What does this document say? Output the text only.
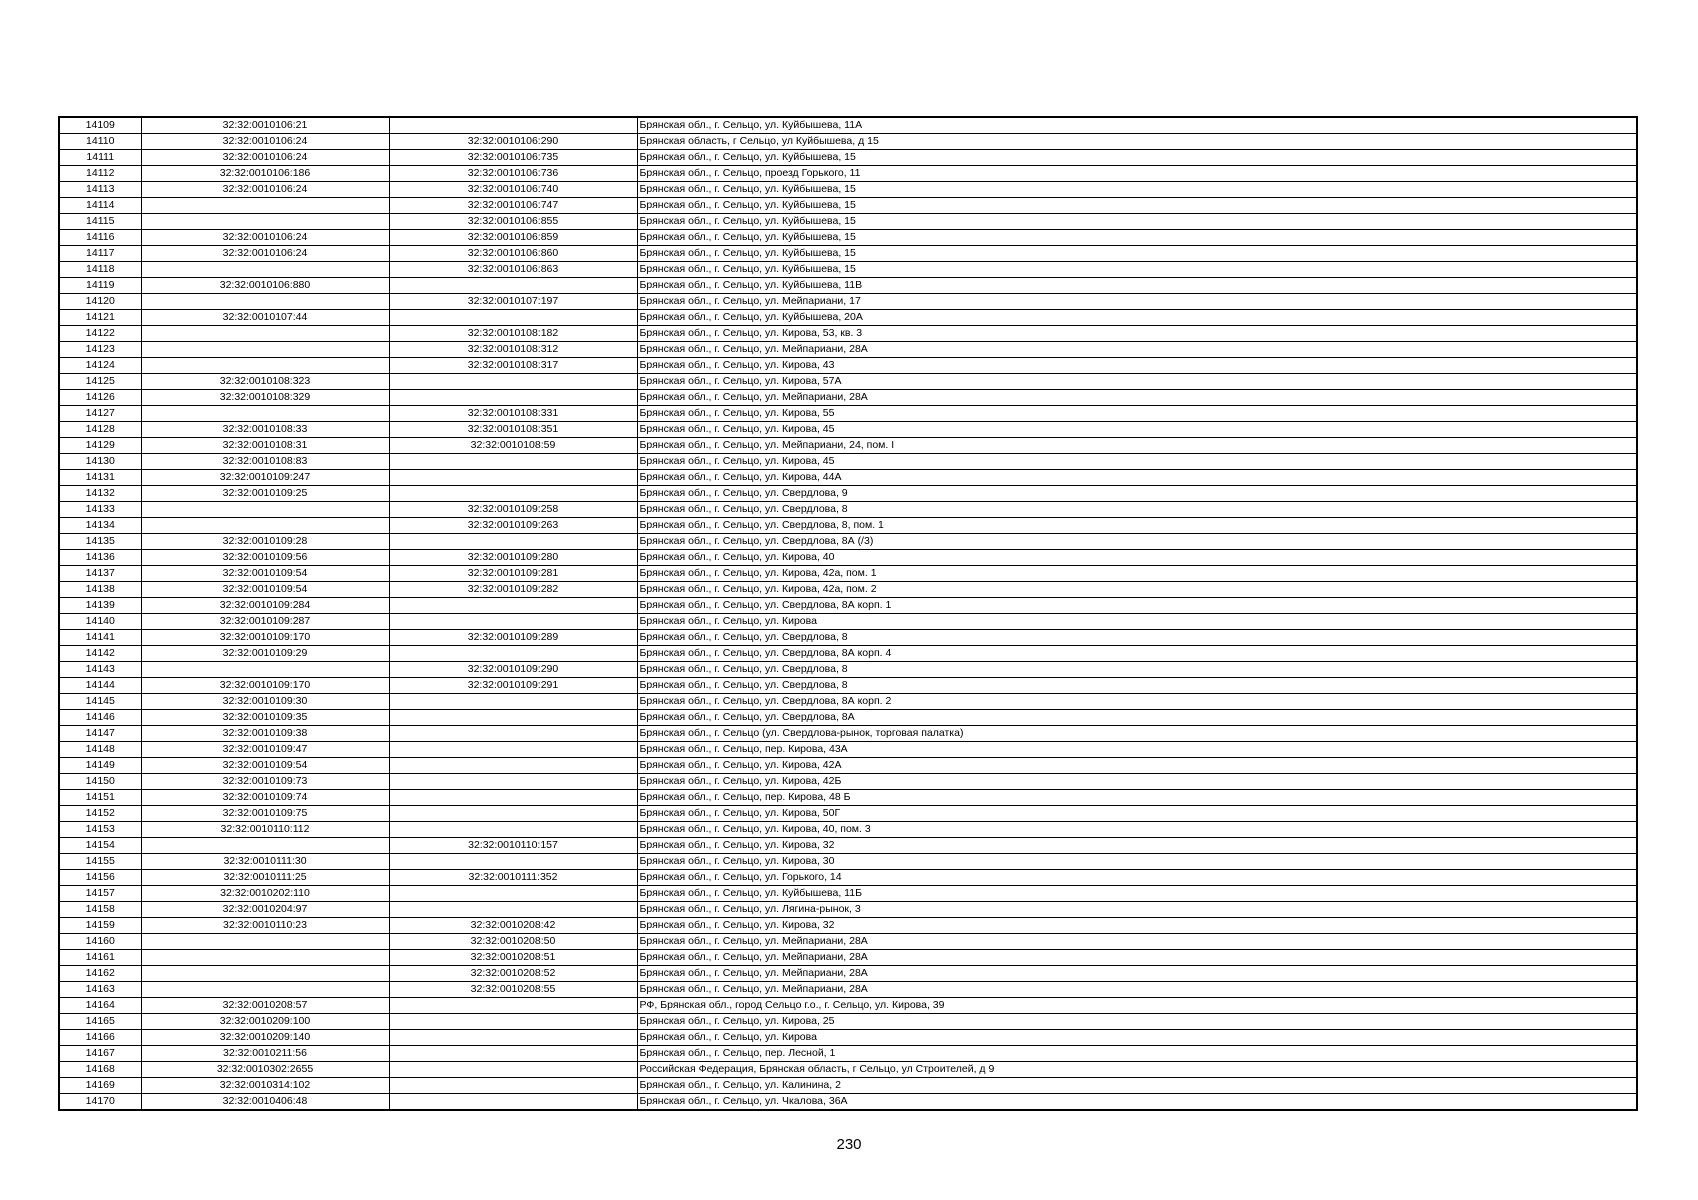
14109	32:32:0010106:21		Брянская обл., г. Сельцо, ул. Куйбышева, 11А
14110	32:32:0010106:24	32:32:0010106:290	Брянская область, г Сельцо, ул Куйбышева, д 15
14111	32:32:0010106:24	32:32:0010106:735	Брянская обл., г. Сельцо, ул. Куйбышева, 15
14112	32:32:0010106:186	32:32:0010106:736	Брянская обл., г. Сельцо, проезд Горького, 11
14113	32:32:0010106:24	32:32:0010106:740	Брянская обл., г. Сельцо, ул. Куйбышева, 15
14114		32:32:0010106:747	Брянская обл., г. Сельцо, ул. Куйбышева, 15
14115		32:32:0010106:855	Брянская обл., г. Сельцо, ул. Куйбышева, 15
14116	32:32:0010106:24	32:32:0010106:859	Брянская обл., г. Сельцо, ул. Куйбышева, 15
14117	32:32:0010106:24	32:32:0010106:860	Брянская обл., г. Сельцо, ул. Куйбышева, 15
14118		32:32:0010106:863	Брянская обл., г. Сельцо, ул. Куйбышева, 15
14119	32:32:0010106:880		Брянская обл., г. Сельцо, ул. Куйбышева, 11В
14120		32:32:0010107:197	Брянская обл., г. Сельцо, ул. Мейпариани, 17
14121	32:32:0010107:44		Брянская обл., г. Сельцо, ул. Куйбышева, 20А
14122		32:32:0010108:182	Брянская обл., г. Сельцо, ул. Кирова, 53, кв. 3
14123		32:32:0010108:312	Брянская обл., г. Сельцо, ул. Мейпариани, 28А
14124		32:32:0010108:317	Брянская обл., г. Сельцо, ул. Кирова, 43
14125	32:32:0010108:323		Брянская обл., г. Сельцо, ул. Кирова, 57А
14126	32:32:0010108:329		Брянская обл., г. Сельцо, ул. Мейпариани, 28А
14127		32:32:0010108:331	Брянская обл., г. Сельцо, ул. Кирова, 55
14128	32:32:0010108:33	32:32:0010108:351	Брянская обл., г. Сельцо, ул. Кирова, 45
14129	32:32:0010108:31	32:32:0010108:59	Брянская обл., г. Сельцо, ул. Мейпариани, 24, пом. I
14130	32:32:0010108:83		Брянская обл., г. Сельцо, ул. Кирова, 45
14131	32:32:0010109:247		Брянская обл., г. Сельцо, ул. Кирова, 44А
14132	32:32:0010109:25		Брянская обл., г. Сельцо, ул. Свердлова, 9
14133		32:32:0010109:258	Брянская обл., г. Сельцо, ул. Свердлова, 8
14134		32:32:0010109:263	Брянская обл., г. Сельцо, ул. Свердлова, 8, пом. 1
14135	32:32:0010109:28		Брянская обл., г. Сельцо, ул. Свердлова, 8А (/3)
14136	32:32:0010109:56	32:32:0010109:280	Брянская обл., г. Сельцо, ул. Кирова, 40
14137	32:32:0010109:54	32:32:0010109:281	Брянская обл., г. Сельцо, ул. Кирова, 42а, пом. 1
14138	32:32:0010109:54	32:32:0010109:282	Брянская обл., г. Сельцо, ул. Кирова, 42а, пом. 2
14139	32:32:0010109:284		Брянская обл., г. Сельцо, ул. Свердлова, 8А корп. 1
14140	32:32:0010109:287		Брянская обл., г. Сельцо, ул. Кирова
14141	32:32:0010109:170	32:32:0010109:289	Брянская обл., г. Сельцо, ул. Свердлова, 8
14142	32:32:0010109:29		Брянская обл., г. Сельцо, ул. Свердлова, 8А корп. 4
14143		32:32:0010109:290	Брянская обл., г. Сельцо, ул. Свердлова, 8
14144	32:32:0010109:170	32:32:0010109:291	Брянская обл., г. Сельцо, ул. Свердлова, 8
14145	32:32:0010109:30		Брянская обл., г. Сельцо, ул. Свердлова, 8А корп. 2
14146	32:32:0010109:35		Брянская обл., г. Сельцо, ул. Свердлова, 8А
14147	32:32:0010109:38		Брянская обл., г. Сельцо (ул. Свердлова-рынок, торговая палатка)
14148	32:32:0010109:47		Брянская обл., г. Сельцо, пер. Кирова, 43А
14149	32:32:0010109:54		Брянская обл., г. Сельцо, ул. Кирова, 42А
14150	32:32:0010109:73		Брянская обл., г. Сельцо, ул. Кирова, 42Б
14151	32:32:0010109:74		Брянская обл., г. Сельцо, пер. Кирова, 48 Б
14152	32:32:0010109:75		Брянская обл., г. Сельцо, ул. Кирова, 50Г
14153	32:32:0010110:112		Брянская обл., г. Сельцо, ул. Кирова, 40, пом. 3
14154		32:32:0010110:157	Брянская обл., г. Сельцо, ул. Кирова, 32
14155	32:32:0010111:30		Брянская обл., г. Сельцо, ул. Кирова, 30
14156	32:32:0010111:25	32:32:0010111:352	Брянская обл., г. Сельцо, ул. Горького, 14
14157	32:32:0010202:110		Брянская обл., г. Сельцо, ул. Куйбышева, 11Б
14158	32:32:0010204:97		Брянская обл., г. Сельцо, ул. Лягина-рынок, 3
14159	32:32:0010110:23	32:32:0010208:42	Брянская обл., г. Сельцо, ул. Кирова, 32
14160		32:32:0010208:50	Брянская обл., г. Сельцо, ул. Мейпариани, 28А
14161		32:32:0010208:51	Брянская обл., г. Сельцо, ул. Мейпариани, 28А
14162		32:32:0010208:52	Брянская обл., г. Сельцо, ул. Мейпариани, 28А
14163		32:32:0010208:55	Брянская обл., г. Сельцо, ул. Мейпариани, 28А
14164	32:32:0010208:57		РФ, Брянская обл., город Сельцо г.о., г. Сельцо, ул. Кирова, 39
14165	32:32:0010209:100		Брянская обл., г. Сельцо, ул. Кирова, 25
14166	32:32:0010209:140		Брянская обл., г. Сельцо, ул. Кирова
14167	32:32:0010211:56		Брянская обл., г. Сельцо, пер. Лесной, 1
14168	32:32:0010302:2655		Российская Федерация, Брянская область, г Сельцо, ул Строителей, д 9
14169	32:32:0010314:102		Брянская обл., г. Сельцо, ул. Калинина, 2
14170	32:32:0010406:48		Брянская обл., г. Сельцо, ул. Чкалова, 36А
230
